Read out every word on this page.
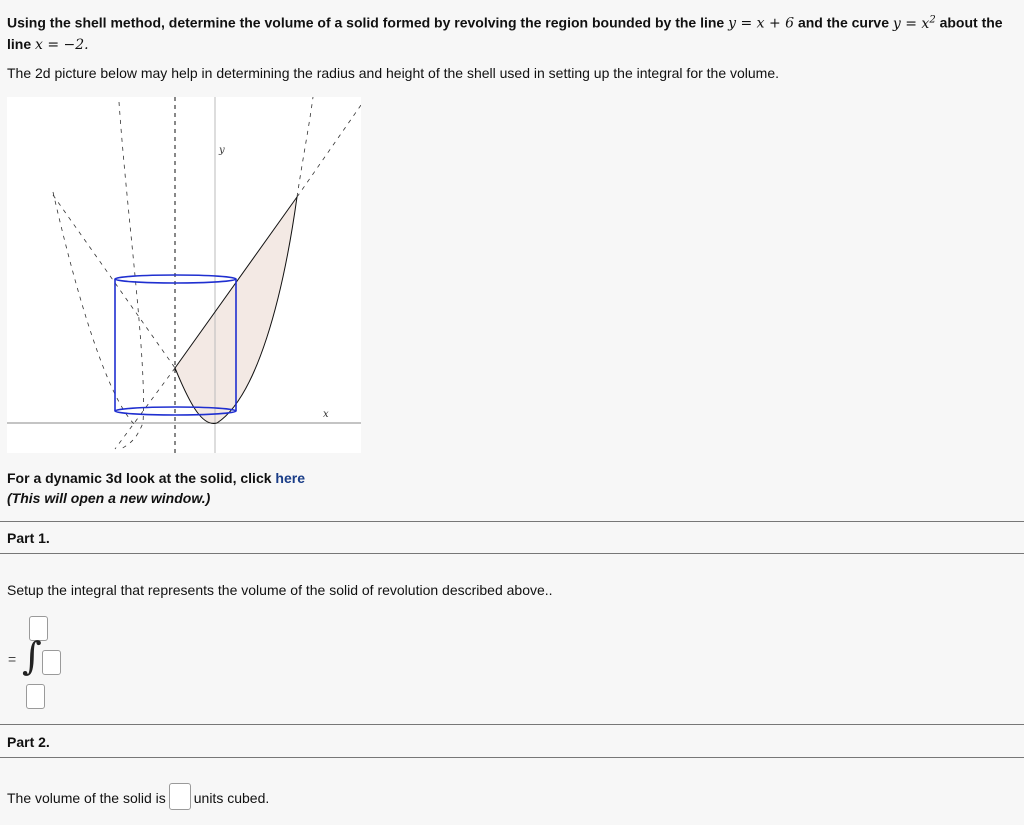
Using the shell method, determine the volume of a solid formed by revolving the region bounded by the line y = x + 6 and the curve $y = x^2$ about the line x = −2.
The 2d picture below may help in determining the radius and height of the shell used in setting up the integral for the volume.
y
x
For a dynamic 3d look at the solid, click here
(This will open a new window.)
Part 1.
Setup the integral that represents the volume of the solid of revolution described above..
= ∫
Part 2.
The volume of the solid is units cubed.
